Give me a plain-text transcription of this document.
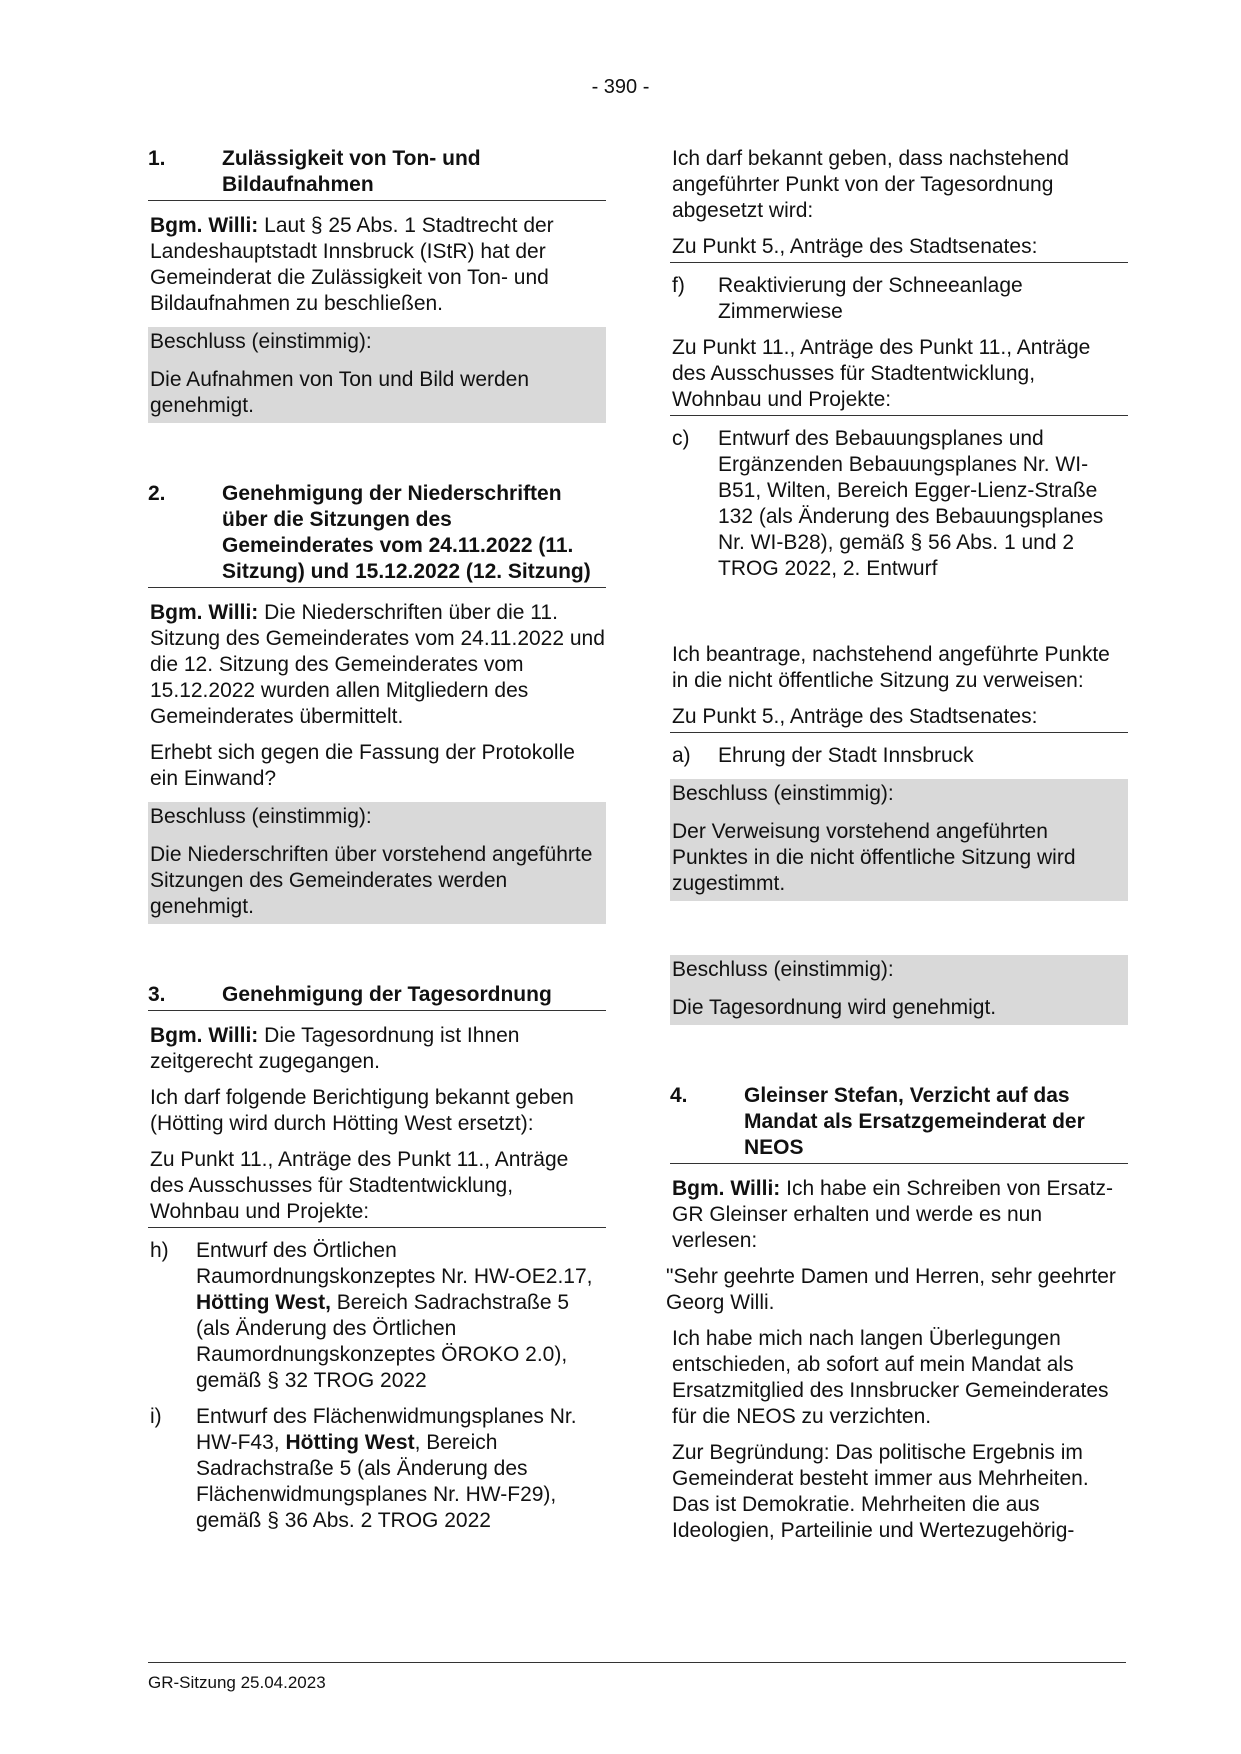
- 390 -
1.	Zulässigkeit von Ton- und Bildaufnahmen

Bgm. Willi: Laut § 25 Abs. 1 Stadtrecht der Landeshauptstadt Innsbruck (IStR) hat der Gemeinderat die Zulässigkeit von Ton- und Bildaufnahmen zu beschließen.

Beschluss (einstimmig):

Die Aufnahmen von Ton und Bild werden genehmigt.

2.	Genehmigung der Niederschriften über die Sitzungen des Gemeinderates vom 24.11.2022 (11. Sitzung) und 15.12.2022 (12. Sitzung)

Bgm. Willi: Die Niederschriften über die 11. Sitzung des Gemeinderates vom 24.11.2022 und die 12. Sitzung des Gemeinderates vom 15.12.2022 wurden allen Mitgliedern des Gemeinderates übermittelt.

Erhebt sich gegen die Fassung der Protokolle ein Einwand?

Beschluss (einstimmig):

Die Niederschriften über vorstehend angeführte Sitzungen des Gemeinderates werden genehmigt.

3.	Genehmigung der Tagesordnung

Bgm. Willi: Die Tagesordnung ist Ihnen zeitgerecht zugegangen.

Ich darf folgende Berichtigung bekannt geben (Hötting wird durch Hötting West ersetzt):

Zu Punkt 11., Anträge des Punkt 11., Anträge des Ausschusses für Stadtentwicklung, Wohnbau und Projekte:

h)	Entwurf des Örtlichen Raumordnungskonzeptes Nr. HW-OE2.17, Hötting West, Bereich Sadrachstraße 5 (als Änderung des Örtlichen Raumordnungskonzeptes ÖROKO 2.0), gemäß § 32 TROG 2022
i)	Entwurf des Flächenwidmungsplanes Nr. HW-F43, Hötting West, Bereich Sadrachstraße 5 (als Änderung des Flächenwidmungsplanes Nr. HW-F29), gemäß § 36 Abs. 2 TROG 2022

Ich darf bekannt geben, dass nachstehend angeführter Punkt von der Tagesordnung abgesetzt wird:

Zu Punkt 5., Anträge des Stadtsenates:

f)	Reaktivierung der Schneeanlage Zimmerwiese

Zu Punkt 11., Anträge des Punkt 11., Anträge des Ausschusses für Stadtentwicklung, Wohnbau und Projekte:

c)	Entwurf des Bebauungsplanes und Ergänzenden Bebauungsplanes Nr. WI-B51, Wilten, Bereich Egger-Lienz-Straße 132 (als Änderung des Bebauungsplanes Nr. WI-B28), gemäß § 56 Abs. 1 und 2 TROG 2022, 2. Entwurf

Ich beantrage, nachstehend angeführte Punkte in die nicht öffentliche Sitzung zu verweisen:

Zu Punkt 5., Anträge des Stadtsenates:

a)	Ehrung der Stadt Innsbruck

Beschluss (einstimmig):

Der Verweisung vorstehend angeführten Punktes in die nicht öffentliche Sitzung wird zugestimmt.

Beschluss (einstimmig):

Die Tagesordnung wird genehmigt.

4.	Gleinser Stefan, Verzicht auf das Mandat als Ersatzgemeinderat der NEOS

Bgm. Willi: Ich habe ein Schreiben von Ersatz-GR Gleinser erhalten und werde es nun verlesen:

"Sehr geehrte Damen und Herren, sehr geehrter Georg Willi.

Ich habe mich nach langen Überlegungen entschieden, ab sofort auf mein Mandat als Ersatzmitglied des Innsbrucker Gemeinderates für die NEOS zu verzichten.

Zur Begründung: Das politische Ergebnis im Gemeinderat besteht immer aus Mehrheiten. Das ist Demokratie. Mehrheiten die aus Ideologien, Parteilinie und Wertezugehörig-

GR-Sitzung 25.04.2023
